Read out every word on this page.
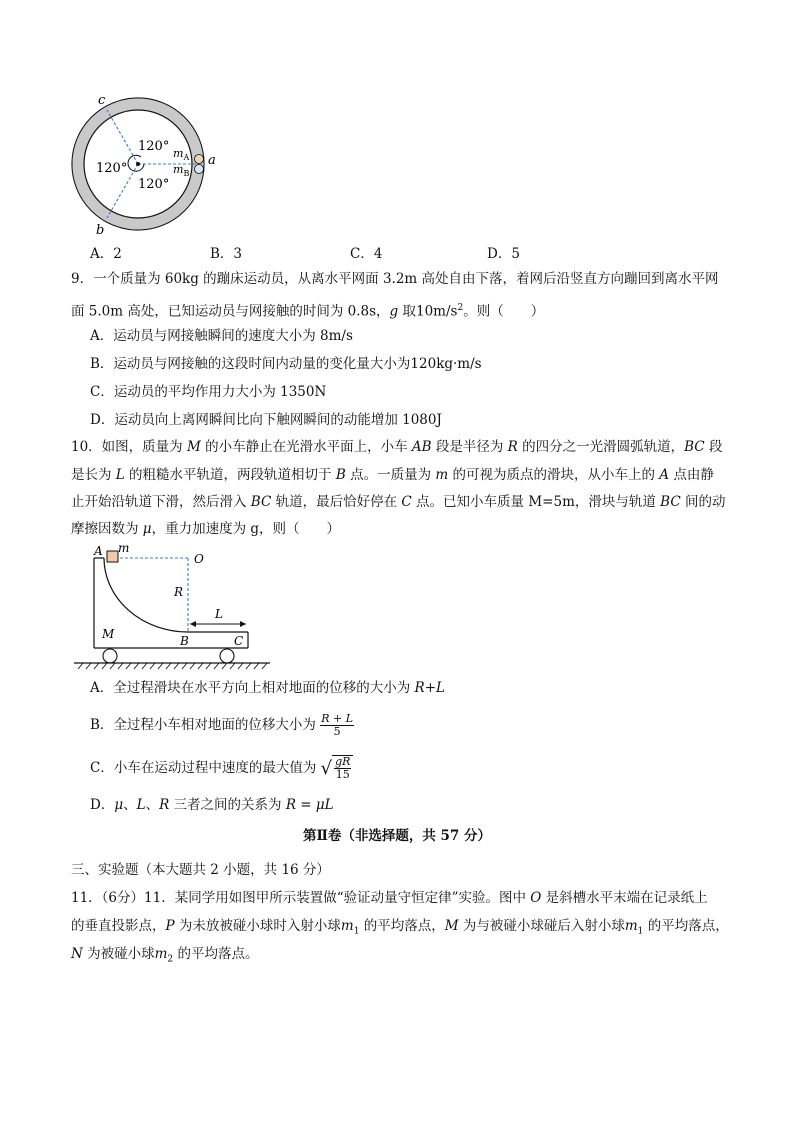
c
b
a
120°
120°
120°
$m_A$
$m_B$
A．2	B．3	C．4	D．5
9．一个质量为 60kg 的蹦床运动员，从离水平网面 3.2m 高处自由下落，着网后沿竖直方向蹦回到离水平网
面 5.0m 高处，已知运动员与网接触的时间为 0.8s，g 取$10m/s^2$。则（　　）
A．运动员与网接触瞬间的速度大小为 8m/s
B．运动员与网接触的这段时间内动量的变化量大小为120kg·m/s
C．运动员的平均作用力大小为 1350N
D．运动员向上离网瞬间比向下触网瞬间的动能增加 1080J
10．如图，质量为 M 的小车静止在光滑水平面上，小车 AB 段是半径为 R 的四分之一光滑圆弧轨道，BC 段
是长为 L 的粗糙水平轨道，两段轨道相切于 B 点。一质量为 m 的可视为质点的滑块，从小车上的 A 点由静
止开始沿轨道下滑，然后滑入 BC 轨道，最后恰好停在 C 点。已知小车质量 M=5m，滑块与轨道 BC 间的动
摩擦因数为 μ，重力加速度为 g，则（　　）
A m
O
R
L
M	B	C
A．全过程滑块在水平方向上相对地面的位移的大小为 R+L
B．全过程小车相对地面的位移大小为 $\frac{R + L}{5}$
C．小车在运动过程中速度的最大值为 √ $\frac{gR}{15}$
D．μ、L、R 三者之间的关系为 R = μL
第Ⅱ卷（非选择题，共 57 分）
三、实验题（本大题共 2 小题，共 16 分）
11．（6分）11．某同学用如图甲所示装置做“验证动量守恒定律”实验。图中 O 是斜槽水平末端在记录纸上
的垂直投影点，P 为未放被碰小球时入射小球$m_1$ 的平均落点，M 为与被碰小球碰后入射小球$m_1$ 的平均落点，
N 为被碰小球$m_2$ 的平均落点。
